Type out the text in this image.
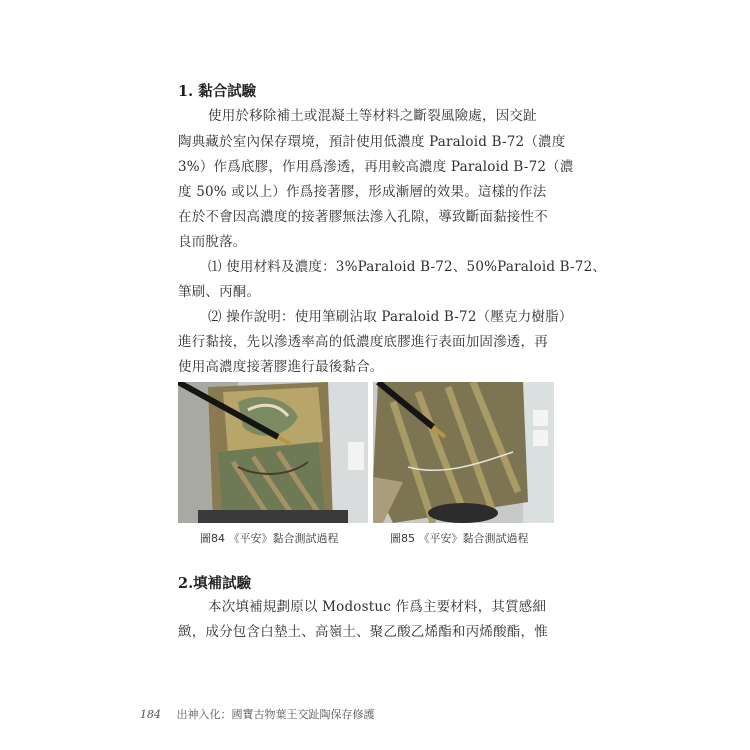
1. 黏合試驗
使用於移除補土或混凝土等材料之斷裂風險處，因交趾
陶典藏於室內保存環境，預計使用低濃度 Paraloid B-72（濃度
3%）作爲底膠，作用爲滲透，再用較高濃度 Paraloid B-72（濃
度 50% 或以上）作爲接著膠，形成漸層的效果。這樣的作法
在於不會因高濃度的接著膠無法滲入孔隙，導致斷面黏接性不
良而脫落。
⑴ 使用材料及濃度：3%Paraloid B-72、50%Paraloid B-72、
筆刷、丙酮。
⑵ 操作說明：使用筆刷沾取 Paraloid B-72（壓克力樹脂）
進行黏接，先以滲透率高的低濃度底膠進行表面加固滲透，再
使用高濃度接著膠進行最後黏合。
圖84 《平安》黏合測試過程	圖85 《平安》黏合測試過程
2.填補試驗
本次填補規劃原以 Modostuc 作爲主要材料，其質感細
緻，成分包含白墊土、高嶺土、聚乙酸乙烯酯和丙烯酸酯，惟
184 出神入化：國寶古物葉王交趾陶保存修護
